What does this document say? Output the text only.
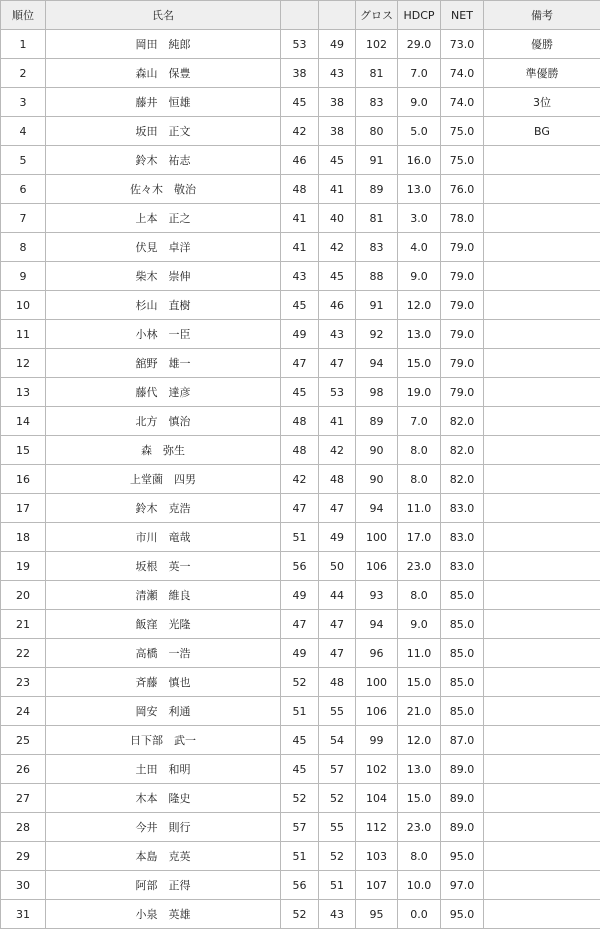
順位	氏名			グロス	HDCP	NET	備考
1	岡田　純郎	53	49	102	29.0	73.0	優勝
2	森山　保豊	38	43	81	7.0	74.0	準優勝
3	藤井　恒雄	45	38	83	9.0	74.0	3位
4	坂田　正文	42	38	80	5.0	75.0	BG
5	鈴木　祐志	46	45	91	16.0	75.0	
6	佐々木　敬治	48	41	89	13.0	76.0	
7	上本　正之	41	40	81	3.0	78.0	
8	伏見　卓洋	41	42	83	4.0	79.0	
9	柴木　崇伸	43	45	88	9.0	79.0	
10	杉山　直樹	45	46	91	12.0	79.0	
11	小林　一臣	49	43	92	13.0	79.0	
12	舘野　雄一	47	47	94	15.0	79.0	
13	藤代　達彦	45	53	98	19.0	79.0	
14	北方　慎治	48	41	89	7.0	82.0	
15	森　弥生	48	42	90	8.0	82.0	
16	上堂薗　四男	42	48	90	8.0	82.0	
17	鈴木　克浩	47	47	94	11.0	83.0	
18	市川　竜哉	51	49	100	17.0	83.0	
19	坂根　英一	56	50	106	23.0	83.0	
20	清瀬　維良	49	44	93	8.0	85.0	
21	飯窪　光隆	47	47	94	9.0	85.0	
22	高橋　一浩	49	47	96	11.0	85.0	
23	斉藤　慎也	52	48	100	15.0	85.0	
24	岡安　利通	51	55	106	21.0	85.0	
25	日下部　武一	45	54	99	12.0	87.0	
26	土田　和明	45	57	102	13.0	89.0	
27	木本　隆史	52	52	104	15.0	89.0	
28	今井　則行	57	55	112	23.0	89.0	
29	本島　克英	51	52	103	8.0	95.0	
30	阿部　正得	56	51	107	10.0	97.0	
31	小泉　英雄	52	43	95	0.0	95.0	
